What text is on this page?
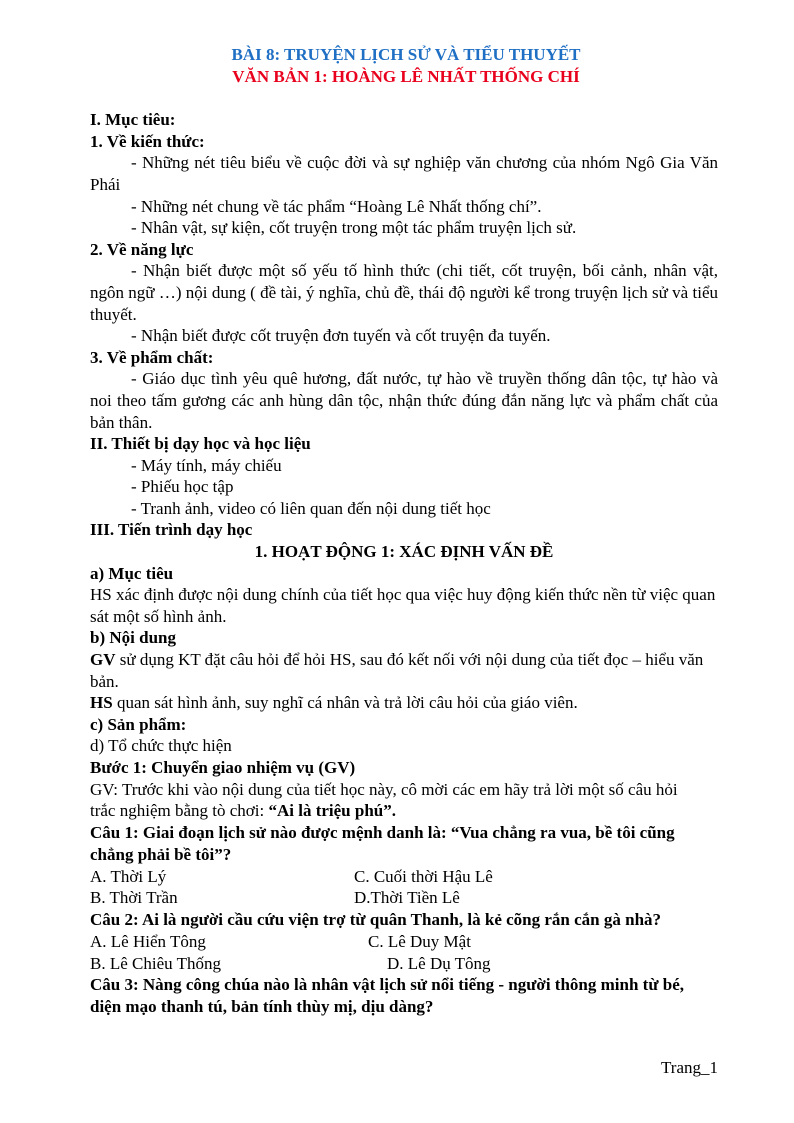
BÀI 8: TRUYỆN LỊCH SỬ VÀ TIỂU THUYẾT
VĂN BẢN 1: HOÀNG LÊ NHẤT THỐNG CHÍ
I. Mục tiêu:
1. Về kiến thức:
- Những nét tiêu biểu về cuộc đời và sự nghiệp văn chương của nhóm Ngô Gia Văn Phái
- Những nét chung về tác phẩm “Hoàng Lê Nhất thống chí”.
- Nhân vật, sự kiện, cốt truyện trong một tác phẩm truyện lịch sử.
2. Về năng lực
- Nhận biết được một số yếu tố hình thức (chi tiết, cốt truyện, bối cảnh, nhân vật, ngôn ngữ …) nội dung ( đề tài, ý nghĩa, chủ đề, thái độ người kể trong truyện lịch sử và tiểu thuyết.
- Nhận biết được cốt truyện đơn tuyến và cốt truyện đa tuyến.
3. Về phẩm chất:
- Giáo dục tình yêu quê hương, đất nước, tự hào về truyền thống dân tộc, tự hào và noi theo tấm gương các anh hùng dân tộc, nhận thức đúng đắn năng lực và phẩm chất của bản thân.
II. Thiết bị dạy học và học liệu
- Máy tính, máy chiếu
- Phiếu học tập
- Tranh ảnh, video có liên quan đến nội dung tiết học
III. Tiến trình dạy học
1. HOẠT ĐỘNG 1: XÁC ĐỊNH VẤN ĐỀ
a) Mục tiêu
HS xác định được nội dung chính của tiết học qua việc huy động kiến thức nền từ việc quan sát một số hình ảnh.
b) Nội dung
GV sử dụng KT đặt câu hỏi để hỏi HS, sau đó kết nối với nội dung của tiết đọc – hiểu văn bản.
HS quan sát hình ảnh, suy nghĩ cá nhân và trả lời câu hỏi của giáo viên.
c) Sản phẩm:
d) Tổ chức thực hiện
Bước 1: Chuyển giao nhiệm vụ (GV)
GV: Trước khi vào nội dung của tiết học này, cô mời các em hãy trả lời một số câu hỏi trắc nghiệm bằng tò chơi: “Ai là triệu phú”.
Câu 1: Giai đoạn lịch sử nào được mệnh danh là: “Vua chẳng ra vua, bề tôi cũng chẳng phải bề tôi”?
A. Thời Lý	C. Cuối thời Hậu Lê
B. Thời Trần	D.Thời Tiền Lê
Câu 2: Ai là người cầu cứu viện trợ từ quân Thanh, là kẻ cõng rắn cắn gà nhà?
A. Lê Hiển Tông	C. Lê Duy Mật
B. Lê Chiêu Thống	D. Lê Dụ Tông
Câu 3: Nàng công chúa nào là nhân vật lịch sử nổi tiếng - người thông minh từ bé, diện mạo thanh tú, bản tính thùy mị, dịu dàng?
Trang_1
